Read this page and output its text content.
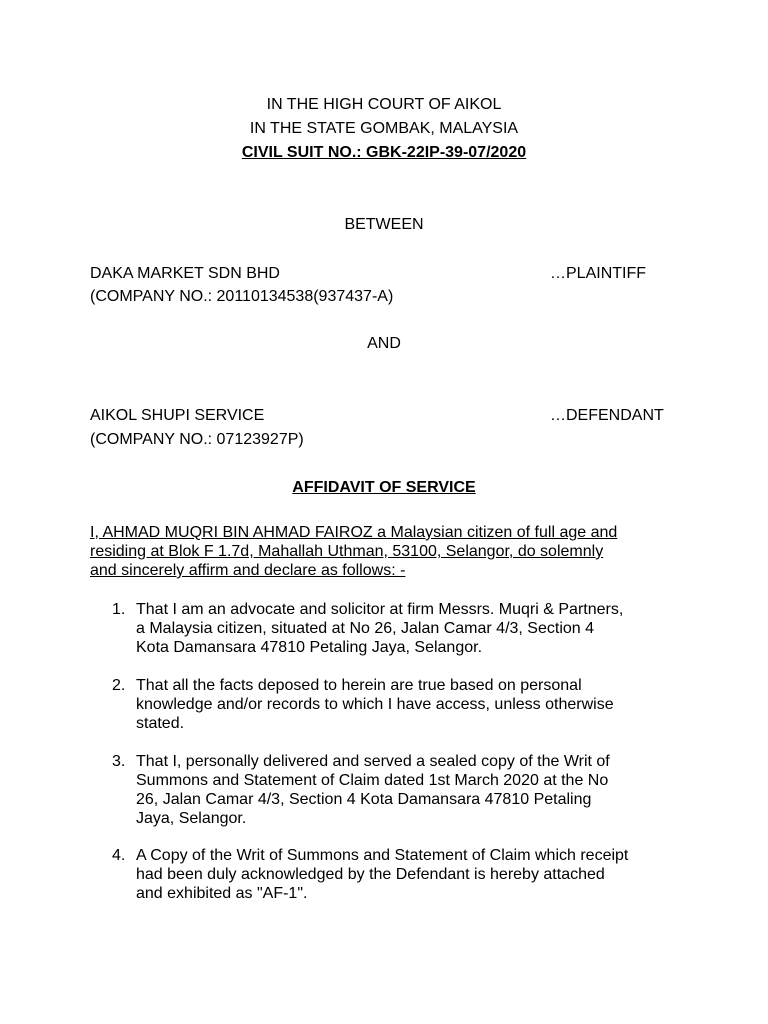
IN THE HIGH COURT OF AIKOL
IN THE STATE GOMBAK, MALAYSIA
CIVIL SUIT NO.: GBK-22IP-39-07/2020
BETWEEN
DAKA MARKET SDN BHD	…PLAINTIFF
(COMPANY NO.: 20110134538(937437-A)
AND
AIKOL SHUPI SERVICE	…DEFENDANT
(COMPANY NO.: 07123927P)
AFFIDAVIT OF SERVICE
I, AHMAD MUQRI BIN AHMAD FAIROZ a Malaysian citizen of full age and
residing at Blok F 1.7d, Mahallah Uthman, 53100, Selangor, do solemnly
and sincerely affirm and declare as follows: -
1. That I am an advocate and solicitor at firm Messrs. Muqri & Partners,
a Malaysia citizen, situated at No 26, Jalan Camar 4/3, Section 4
Kota Damansara 47810 Petaling Jaya, Selangor.
2. That all the facts deposed to herein are true based on personal
knowledge and/or records to which I have access, unless otherwise
stated.
3. That I, personally delivered and served a sealed copy of the Writ of
Summons and Statement of Claim dated 1st March 2020 at the No
26, Jalan Camar 4/3, Section 4 Kota Damansara 47810 Petaling
Jaya, Selangor.
4. A Copy of the Writ of Summons and Statement of Claim which receipt
had been duly acknowledged by the Defendant is hereby attached
and exhibited as "AF-1".
